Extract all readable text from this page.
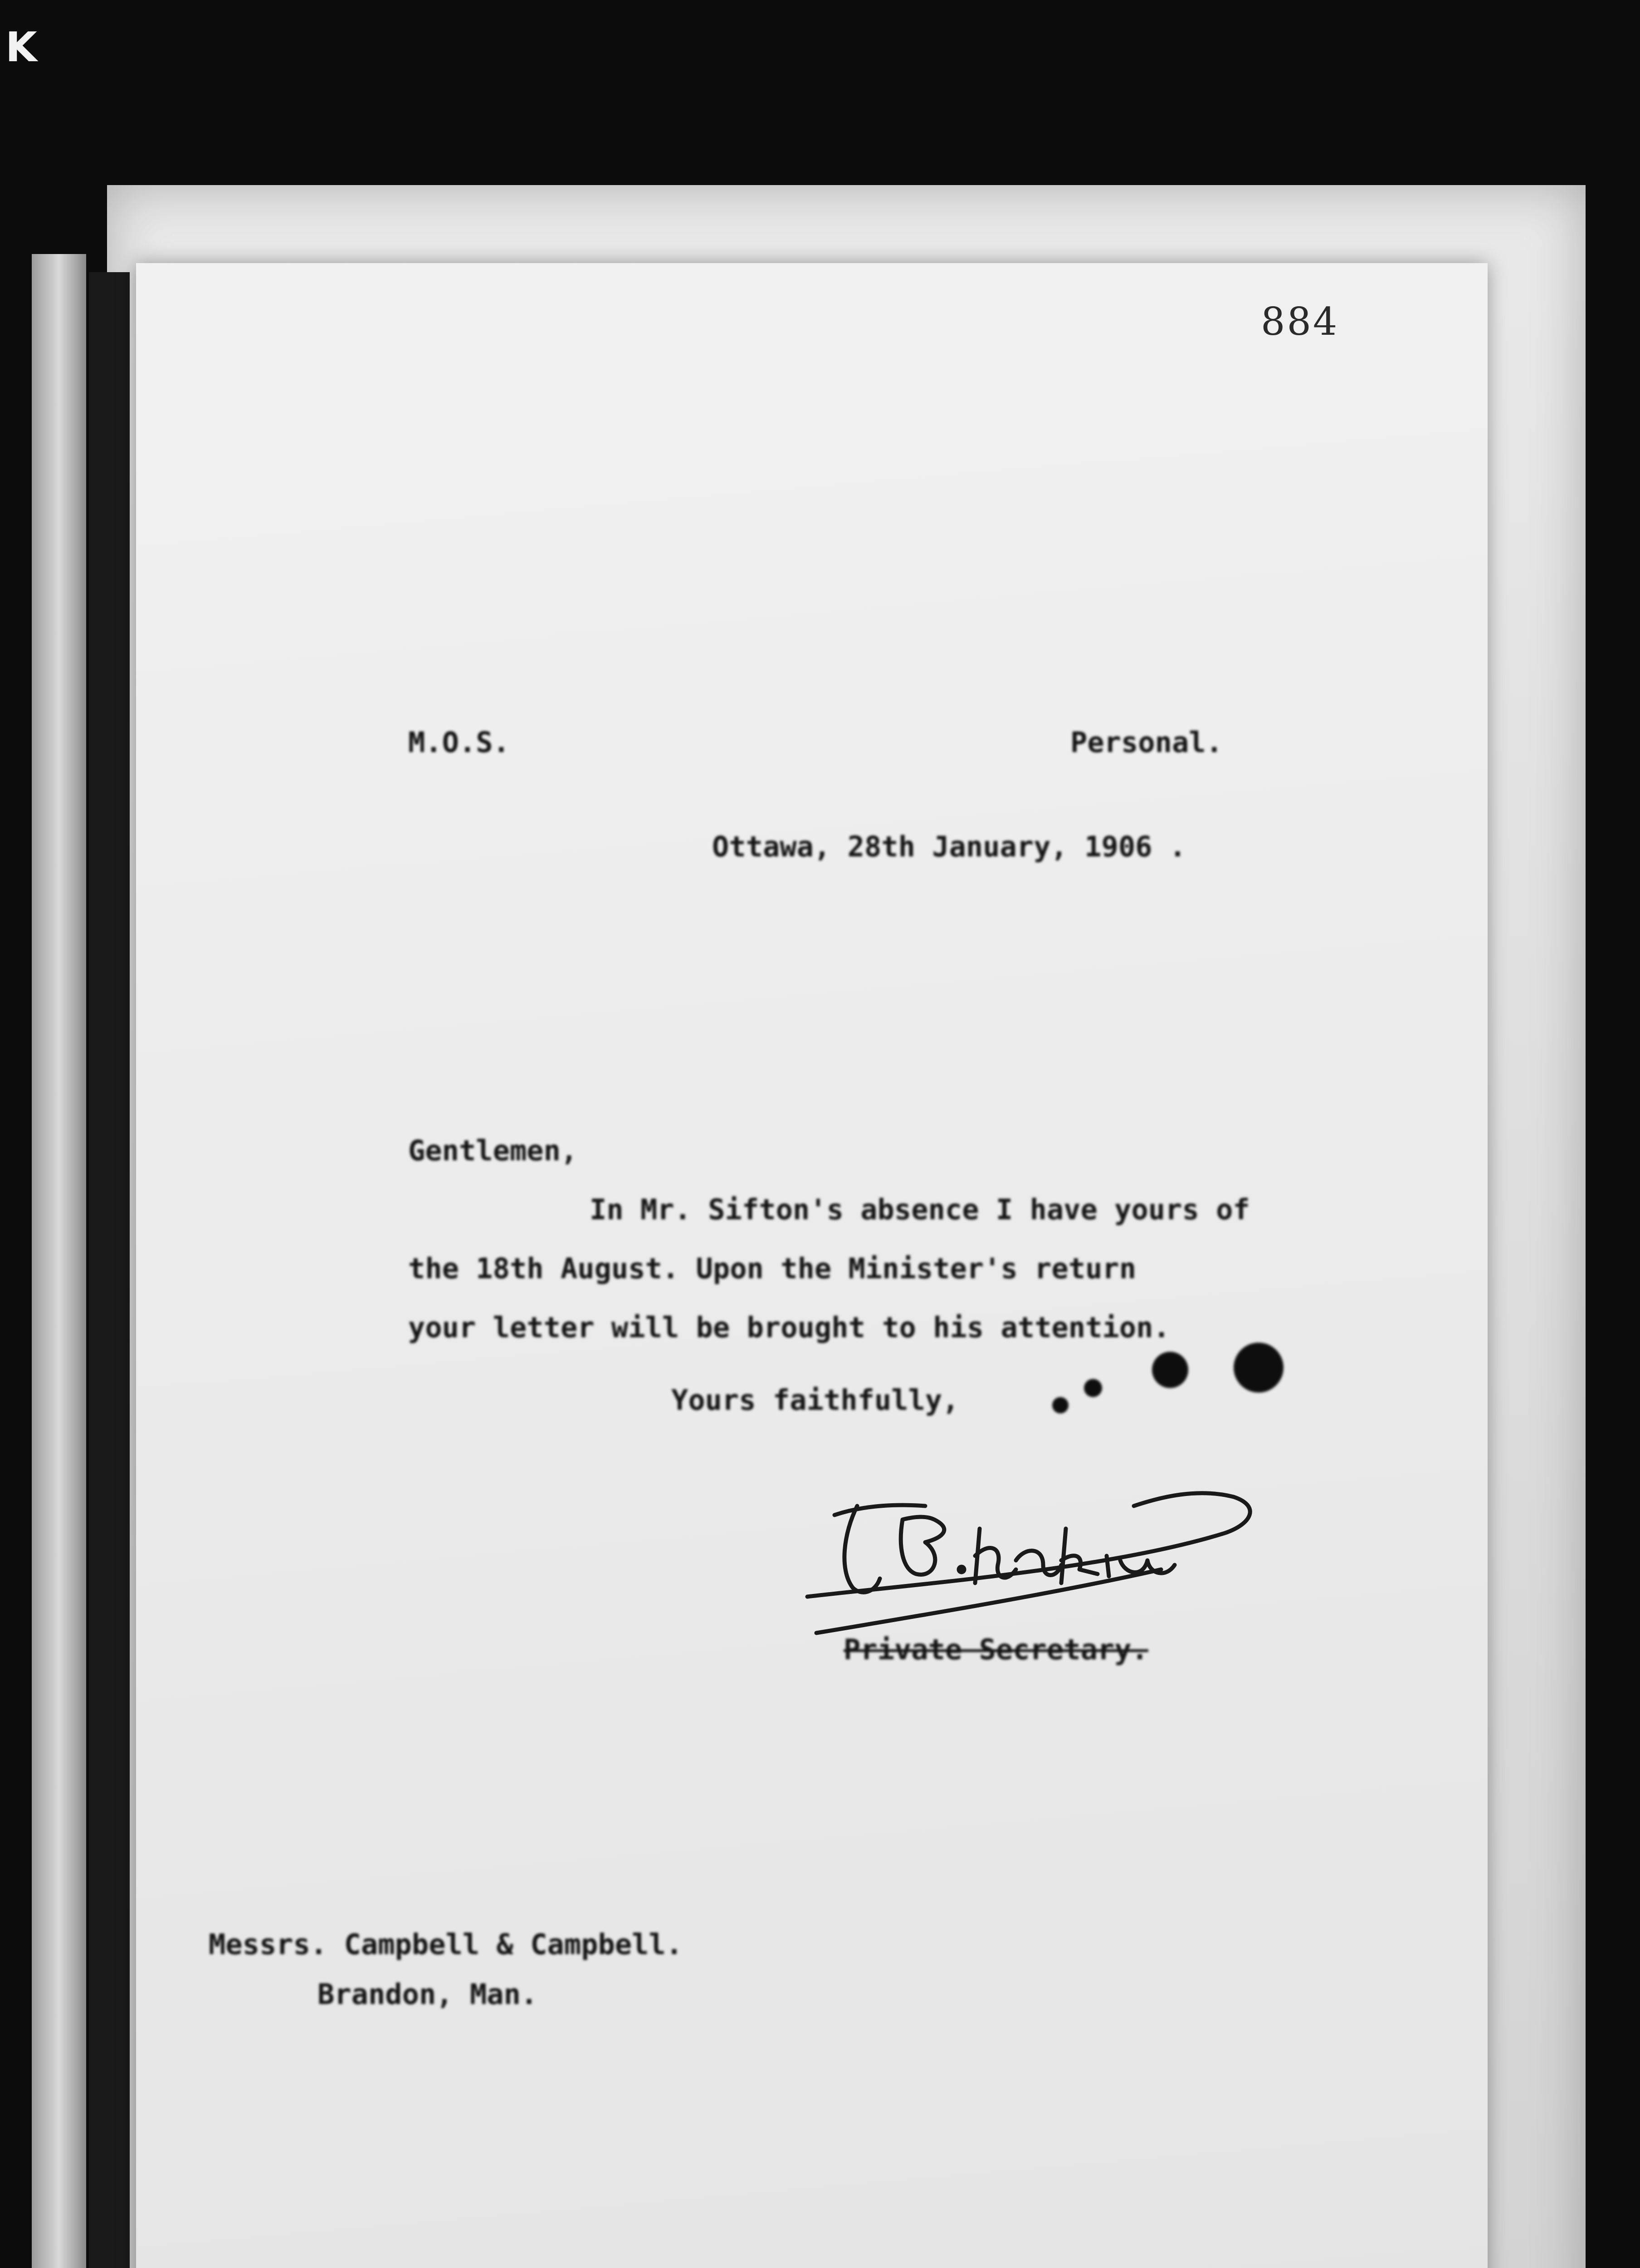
K
884
M.O.S.	Personal.
Ottawa, 28th January, 1906 .
Gentlemen,
In Mr. Sifton's absence I have yours of
the 18th August. Upon the Minister's return
your letter will be brought to his attention.
Yours faithfully,
Private Secretary.
Messrs. Campbell & Campbell.
Brandon, Man.
